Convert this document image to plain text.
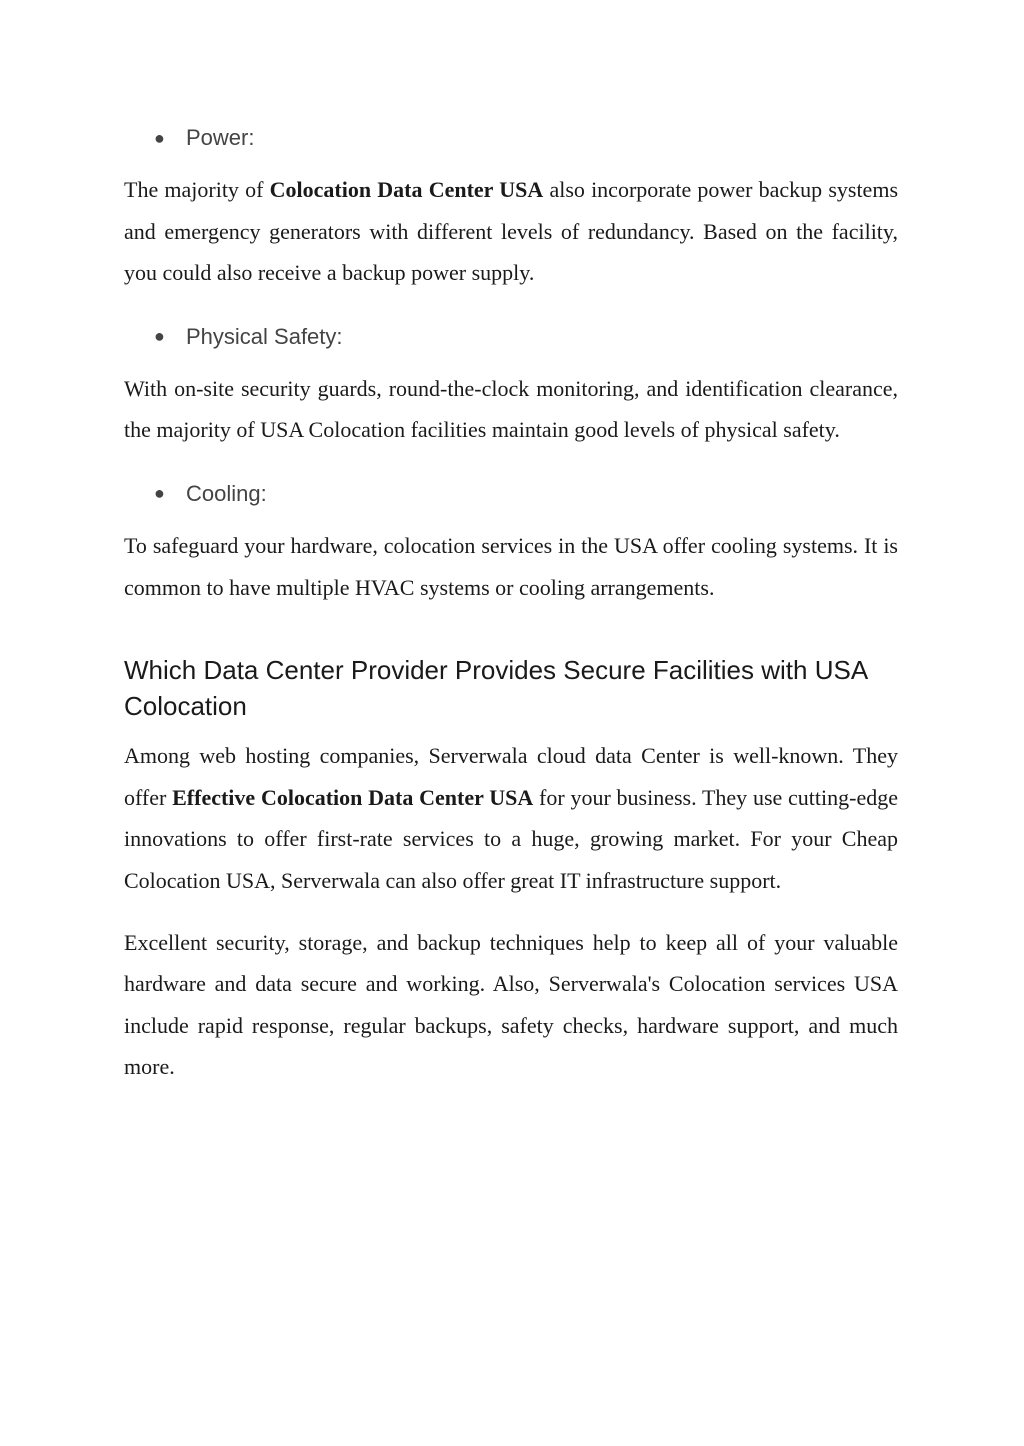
● Power:

The majority of Colocation Data Center USA also incorporate power backup systems and emergency generators with different levels of redundancy. Based on the facility, you could also receive a backup power supply.

● Physical Safety:

With on-site security guards, round-the-clock monitoring, and identification clearance, the majority of USA Colocation facilities maintain good levels of physical safety.

● Cooling:

To safeguard your hardware, colocation services in the USA offer cooling systems. It is common to have multiple HVAC systems or cooling arrangements.

Which Data Center Provider Provides Secure Facilities with USA Colocation

Among web hosting companies, Serverwala cloud data Center is well-known. They offer Effective Colocation Data Center USA for your business. They use cutting-edge innovations to offer first-rate services to a huge, growing market. For your Cheap Colocation USA, Serverwala can also offer great IT infrastructure support.

Excellent security, storage, and backup techniques help to keep all of your valuable hardware and data secure and working. Also, Serverwala's Colocation services USA include rapid response, regular backups, safety checks, hardware support, and much more.
